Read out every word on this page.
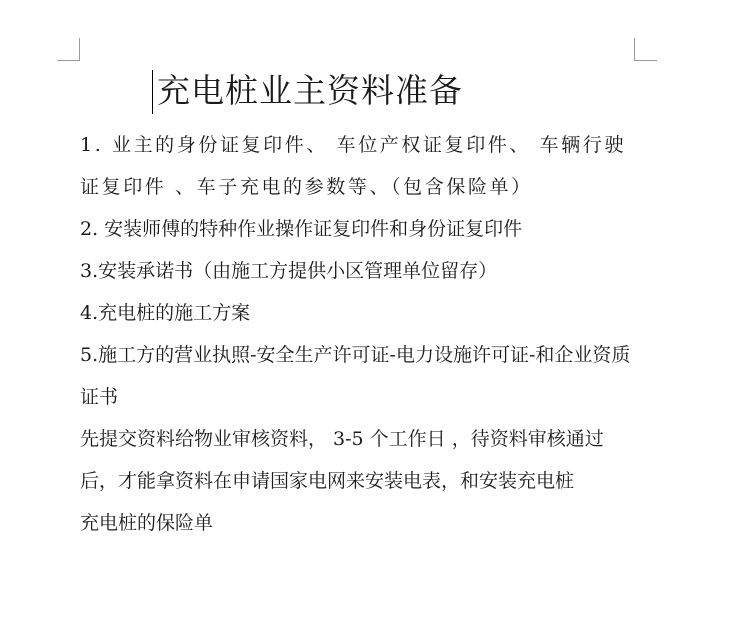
充电桩业主资料准备

1. 业主的身份证复印件、 车位产权证复印件、 车辆行驶证复印件 、车子充电的参数等、（包含保险单）

2. 安装师傅的特种作业操作证复印件和身份证复印件

3.安装承诺书（由施工方提供小区管理单位留存）

4.充电桩的施工方案

5.施工方的营业执照-安全生产许可证-电力设施许可证-和企业资质证书

先提交资料给物业审核资料， 3-5 个工作日 ，待资料审核通过后，才能拿资料在申请国家电网来安装电表，和安装充电桩

充电桩的保险单
